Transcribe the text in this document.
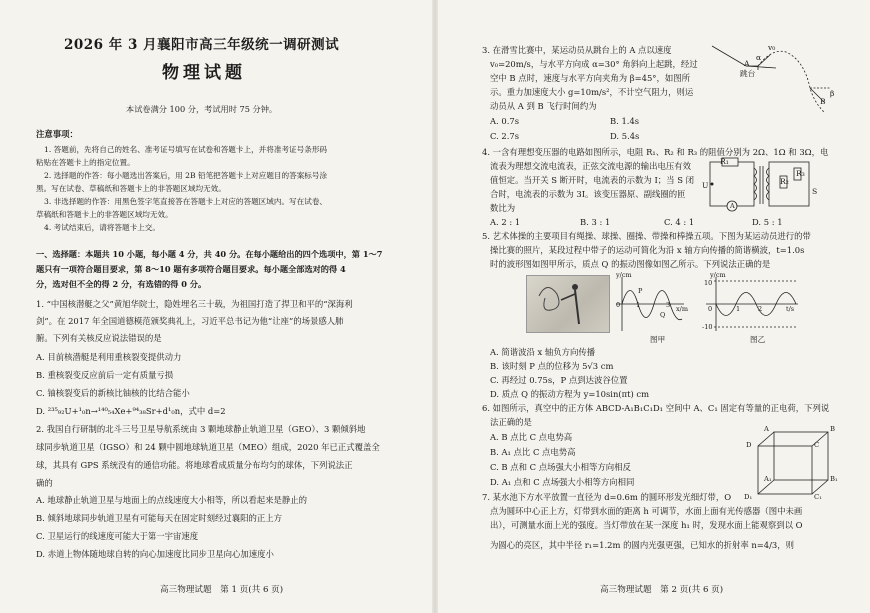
2026 年 3 月襄阳市高三年级统一调研测试
物理试题
本试卷满分 100 分，考试用时 75 分钟。
注意事项：
1. 答题前，先将自己的姓名、准考证号填写在试卷和答题卡上，并将准考证号条形码
粘贴在答题卡上的指定位置。
2. 选择题的作答：每小题选出答案后，用 2B 铅笔把答题卡上对应题目的答案标号涂
黑。写在试卷、草稿纸和答题卡上的非答题区域均无效。
3. 非选择题的作答：用黑色签字笔直接答在答题卡上对应的答题区域内。写在试卷、
草稿纸和答题卡上的非答题区域均无效。
4. 考试结束后，请将答题卡上交。
一、选择题：本题共 10 小题，每小题 4 分，共 40 分。在每小题给出的四个选项中，第 1～7
题只有一项符合题目要求，第 8～10 题有多项符合题目要求。每小题全部选对的得 4
分，选对但不全的得 2 分，有选错的得 0 分。
1. “中国核潜艇之父”黄旭华院士，隐姓埋名三十载，为祖国打造了捍卫和平的“深海利
剑”。在 2017 年全国道德模范颁奖典礼上，习近平总书记为他“让座”的场景感人肺
腑。下列有关核反应说法错误的是
A. 目前核潜艇是利用重核裂变提供动力
B. 重核裂变反应前后一定有质量亏损
C. 铀核裂变后的新核比铀核的比结合能小
D. ²³⁵₉₂U+¹₀n→¹⁴⁰₅₄Xe+⁹⁴₃₈Sr+d¹₀n，式中 d=2
2. 我国自行研制的北斗三号卫星导航系统由 3 颗地球静止轨道卫星（GEO）、3 颗倾斜地
球同步轨道卫星（IGSO）和 24 颗中圆地球轨道卫星（MEO）组成，2020 年已正式覆盖全
球，其具有 GPS 系统没有的通信功能。将地球看成质量分布均匀的球体，下列说法正
确的
A. 地球静止轨道卫星与地面上的点线速度大小相等，所以看起来是静止的
B. 倾斜地球同步轨道卫星有可能每天在固定时刻经过襄阳的正上方
C. 卫星运行的线速度可能大于第一宇宙速度
D. 赤道上物体随地球自转的向心加速度比同步卫星向心加速度小
高三物理试题　第 1 页(共 6 页)
3. 在滑雪比赛中，某运动员从跳台上的 A 点以速度
v₀=20m/s，与水平方向成 α=30° 角斜向上起跳，经过
空中 B 点时，速度与水平方向夹角为 β=45°，如图所
示。重力加速度大小 g=10m/s²，不计空气阻力，则运
动员从 A 到 B 飞行时间约为
A. 0.7s	B. 1.4s
C. 2.7s	D. 5.4s
v₀
α
A
跳台
β
B
4. 一含有理想变压器的电路如图所示，电阻 R₁、R₂ 和 R₃ 的阻值分别为 2Ω、1Ω 和 3Ω，电
流表为理想交流电流表，正弦交流电源的输出电压有效
值恒定。当开关 S 断开时，电流表的示数为 I；当 S 闭
合时，电流表的示数为 3I。该变压器原、副线圈的匝
数比为
A. 2 : 1	B. 3 : 1	C. 4 : 1	D. 5 : 1
R₁
R₂
R₃
U
S
A
5. 艺术体操的主要项目有绳操、球操、圈操、带操和棒操五项。下图为某运动员进行的带
操比赛的照片，某段过程中带子的运动可简化为沿 x 轴方向传播的简谐横波，t=1.0s
时的波形图如图甲所示，质点 Q 的振动图像如图乙所示。下列说法正确的是
y/cm
x/m
P
Q
0 1	3
图甲
y/cm
t/s
10
-10
0	1	2
图乙
A. 简谐波沿 x 轴负方向传播
B. 该时刻 P 点的位移为 5√3 cm
C. 再经过 0.75s，P 点到达波谷位置
D. 质点 Q 的振动方程为 y=10sin(πt) cm
6. 如图所示，真空中的正方体 ABCD-A₁B₁C₁D₁ 空间中 A、C₁ 固定有等量的正电荷，下列说
法正确的是
A. B 点比 C 点电势高
B. A₁ 点比 C 点电势高
C. B 点和 C 点场强大小相等方向相反
D. A₁ 点和 C 点场强大小相等方向相同
D
A
C
B
D₁
A₁
C₁
B₁
7. 某水池下方水平放置一直径为 d=0.6m 的圆环形发光细灯带，O
点为圆环中心正上方，灯带到水面的距离 h 可调节，水面上面有光传感器（图中未画
出），可测量水面上光的强度。当灯带放在某一深度 h₁ 时，发现水面上能观察到以 O
为圆心的亮区，其中半径 r₁=1.2m 的圆内光强更强，已知水的折射率 n=4/3，则
高三物理试题　第 2 页(共 6 页)
